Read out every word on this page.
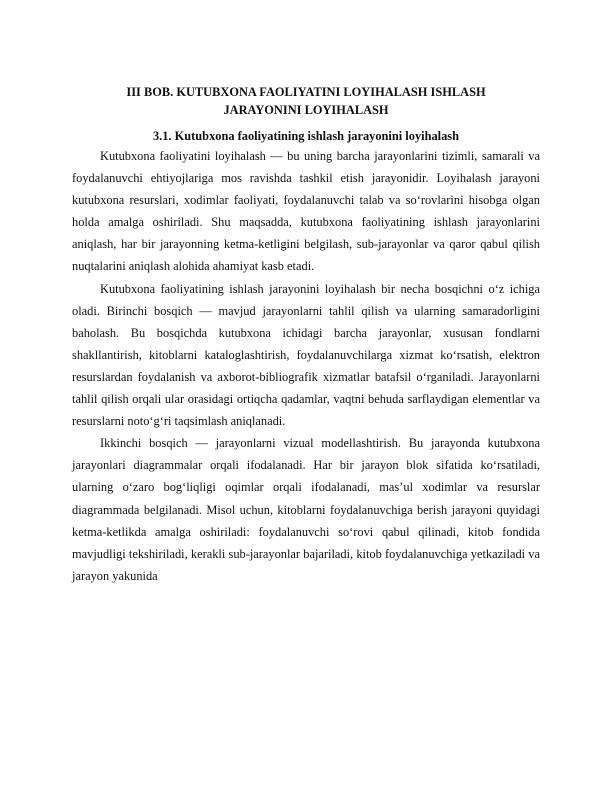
III BOB. KUTUBXONA FAOLIYATINI LOYIHALASH ISHLASH JARAYONINI LOYIHALASH
3.1. Kutubxona faoliyatining ishlash jarayonini loyihalash

Kutubxona faoliyatini loyihalash — bu uning barcha jarayonlarini tizimli, samarali va foydalanuvchi ehtiyojlariga mos ravishda tashkil etish jarayonidir. Loyihalash jarayoni kutubxona resurslari, xodimlar faoliyati, foydalanuvchi talab va so‘rovlarini hisobga olgan holda amalga oshiriladi. Shu maqsadda, kutubxona faoliyatining ishlash jarayonlarini aniqlash, har bir jarayonning ketma-ketligini belgilash, sub-jarayonlar va qaror qabul qilish nuqtalarini aniqlash alohida ahamiyat kasb etadi.

Kutubxona faoliyatining ishlash jarayonini loyihalash bir necha bosqichni o‘z ichiga oladi. Birinchi bosqich — mavjud jarayonlarni tahlil qilish va ularning samaradorligini baholash. Bu bosqichda kutubxona ichidagi barcha jarayonlar, xususan fondlarni shakllantirish, kitoblarni kataloglashtirish, foydalanuvchilarga xizmat ko‘rsatish, elektron resurslardan foydalanish va axborot-bibliografik xizmatlar batafsil o‘rganiladi. Jarayonlarni tahlil qilish orqali ular orasidagi ortiqcha qadamlar, vaqtni behuda sarflaydigan elementlar va resurslarni noto‘g‘ri taqsimlash aniqlanadi.

Ikkinchi bosqich — jarayonlarni vizual modellashtirish. Bu jarayonda kutubxona jarayonlari diagrammalar orqali ifodalanadi. Har bir jarayon blok sifatida ko‘rsatiladi, ularning o‘zaro bog‘liqligi oqimlar orqali ifodalanadi, mas’ul xodimlar va resurslar diagrammada belgilanadi. Misol uchun, kitoblarni foydalanuvchiga berish jarayoni quyidagi ketma-ketlikda amalga oshiriladi: foydalanuvchi so‘rovi qabul qilinadi, kitob fondida mavjudligi tekshiriladi, kerakli sub-jarayonlar bajariladi, kitob foydalanuvchiga yetkaziladi va jarayon yakunida
